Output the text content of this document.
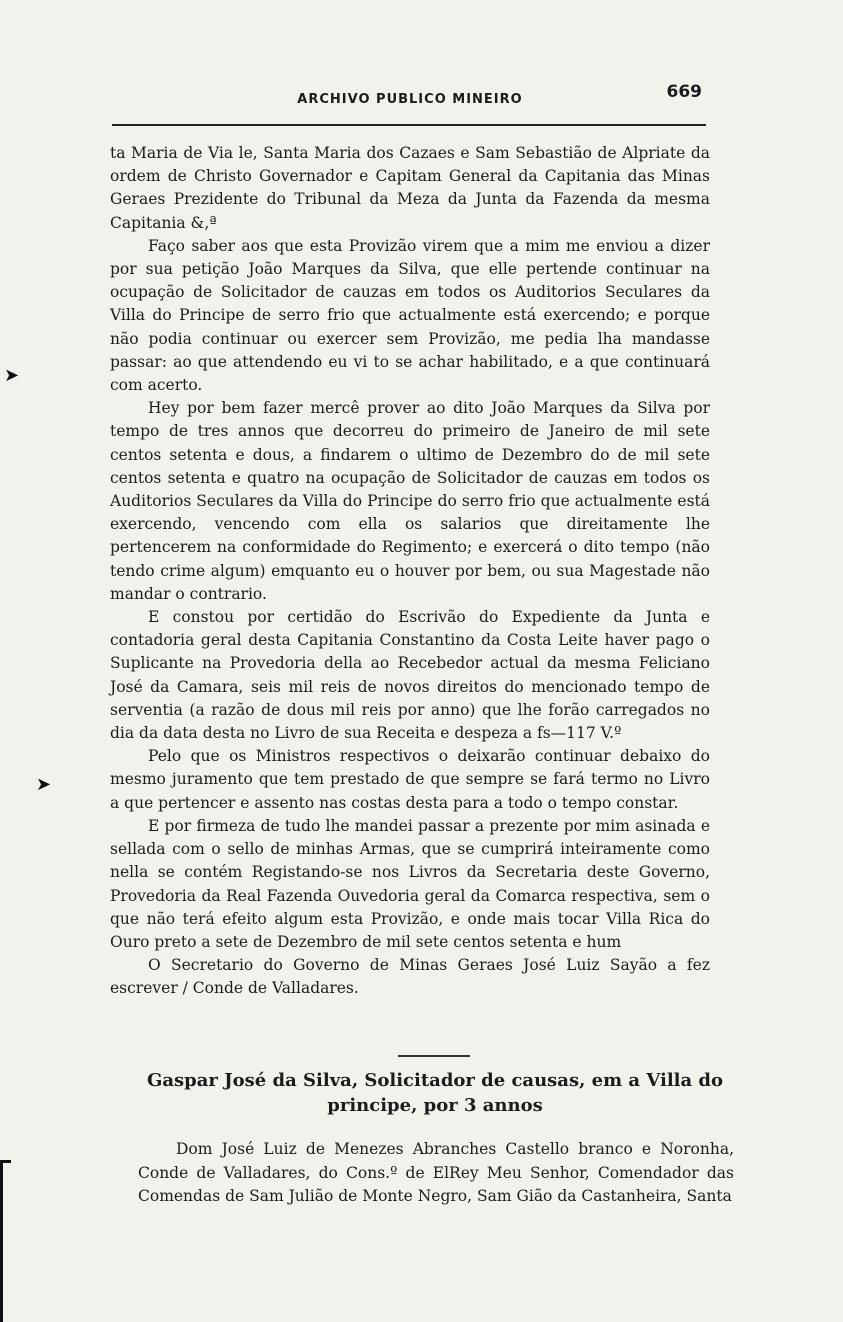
ARCHIVO PUBLICO MINEIRO	669

ta Maria de Via le, Santa Maria dos Cazaes e Sam Sebastião de Alpriate da ordem de Christo Governador e Capitam General da Capitania das Minas Geraes Prezidente do Tribunal da Meza da Junta da Fazenda da mesma Capitania &,ª

Faço saber aos que esta Provizão virem que a mim me enviou a dizer por sua petição João Marques da Silva, que elle pertende continuar na ocupação de Solicitador de cauzas em todos os Auditorios Seculares da Villa do Principe de serro frio que actualmente está exercendo; e porque não podia continuar ou exercer sem Provizão, me pedia lha mandasse passar: ao que attendendo eu vi to se achar habilitado, e a que continuará com acerto.

Hey por bem fazer mercê prover ao dito João Marques da Silva por tempo de tres annos que decorreu do primeiro de Janeiro de mil sete centos setenta e dous, a findarem o ultimo de Dezembro do de mil sete centos setenta e quatro na ocupação de Solicitador de cauzas em todos os Auditorios Seculares da Villa do Principe do serro frio que actualmente está exercendo, vencendo com ella os salarios que direitamente lhe pertencerem na conformidade do Regimento; e exercerá o dito tempo (não tendo crime algum) emquanto eu o houver por bem, ou sua Magestade não mandar o contrario.

E constou por certidão do Escrivão do Expediente da Junta e contadoria geral desta Capitania Constantino da Costa Leite haver pago o Suplicante na Provedoria della ao Recebedor actual da mesma Feliciano José da Camara, seis mil reis de novos direitos do mencionado tempo de serventia (a razão de dous mil reis por anno) que lhe forão carregados no dia da data desta no Livro de sua Receita e despeza a fs—117 V.º

Pelo que os Ministros respectivos o deixarão continuar debaixo do mesmo juramento que tem prestado de que sempre se fará termo no Livro a que pertencer e assento nas costas desta para a todo o tempo constar.

E por firmeza de tudo lhe mandei passar a prezente por mim asinada e sellada com o sello de minhas Armas, que se cumprirá inteiramente como nella se contém Registando-se nos Livros da Secretaria deste Governo, Provedoria da Real Fazenda Ouvedoria geral da Comarca respectiva, sem o que não terá efeito algum esta Provizão, e onde mais tocar Villa Rica do Ouro preto a sete de Dezembro de mil sete centos setenta e hum

O Secretario do Governo de Minas Geraes José Luiz Sayão a fez escrever / Conde de Valladares.

Gaspar José da Silva, Solicitador de causas, em a Villa do principe, por 3 annos

Dom José Luiz de Menezes Abranches Castello branco e Noronha, Conde de Valladares, do Cons.º de ElRey Meu Senhor, Comendador das Comendas de Sam Julião de Monte Negro, Sam Gião da Castanheira, Santa

➤
➤
